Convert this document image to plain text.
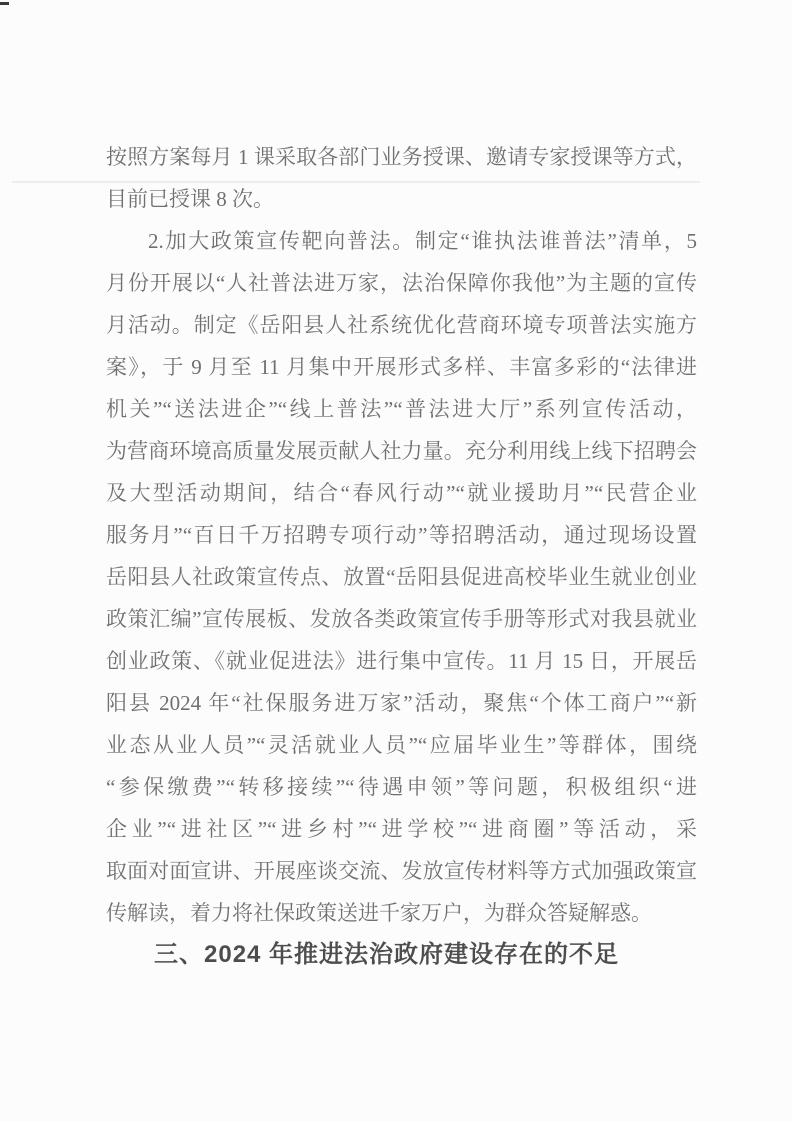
按照方案每月 1 课采取各部门业务授课、邀请专家授课等方式，
目前已授课 8 次。
2.加大政策宣传靶向普法。制定“谁执法谁普法”清单，5
月份开展以“人社普法进万家，法治保障你我他”为主题的宣传
月活动。制定《岳阳县人社系统优化营商环境专项普法实施方
案》，于 9 月至 11 月集中开展形式多样、丰富多彩的“法律进
机关”“送法进企”“线上普法”“普法进大厅”系列宣传活动，
为营商环境高质量发展贡献人社力量。充分利用线上线下招聘会
及大型活动期间，结合“春风行动”“就业援助月”“民营企业
服务月”“百日千万招聘专项行动”等招聘活动，通过现场设置
岳阳县人社政策宣传点、放置“岳阳县促进高校毕业生就业创业
政策汇编”宣传展板、发放各类政策宣传手册等形式对我县就业
创业政策、《就业促进法》进行集中宣传。11 月 15 日，开展岳
阳县 2024 年“社保服务进万家”活动，聚焦“个体工商户”“新
业态从业人员”“灵活就业人员”“应届毕业生”等群体，围绕
“参保缴费”“转移接续”“待遇申领”等问题，积极组织“进
企业”“进社区”“进乡村”“进学校”“进商圈”等活动，采
取面对面宣讲、开展座谈交流、发放宣传材料等方式加强政策宣
传解读，着力将社保政策送进千家万户，为群众答疑解惑。
三、2024 年推进法治政府建设存在的不足
